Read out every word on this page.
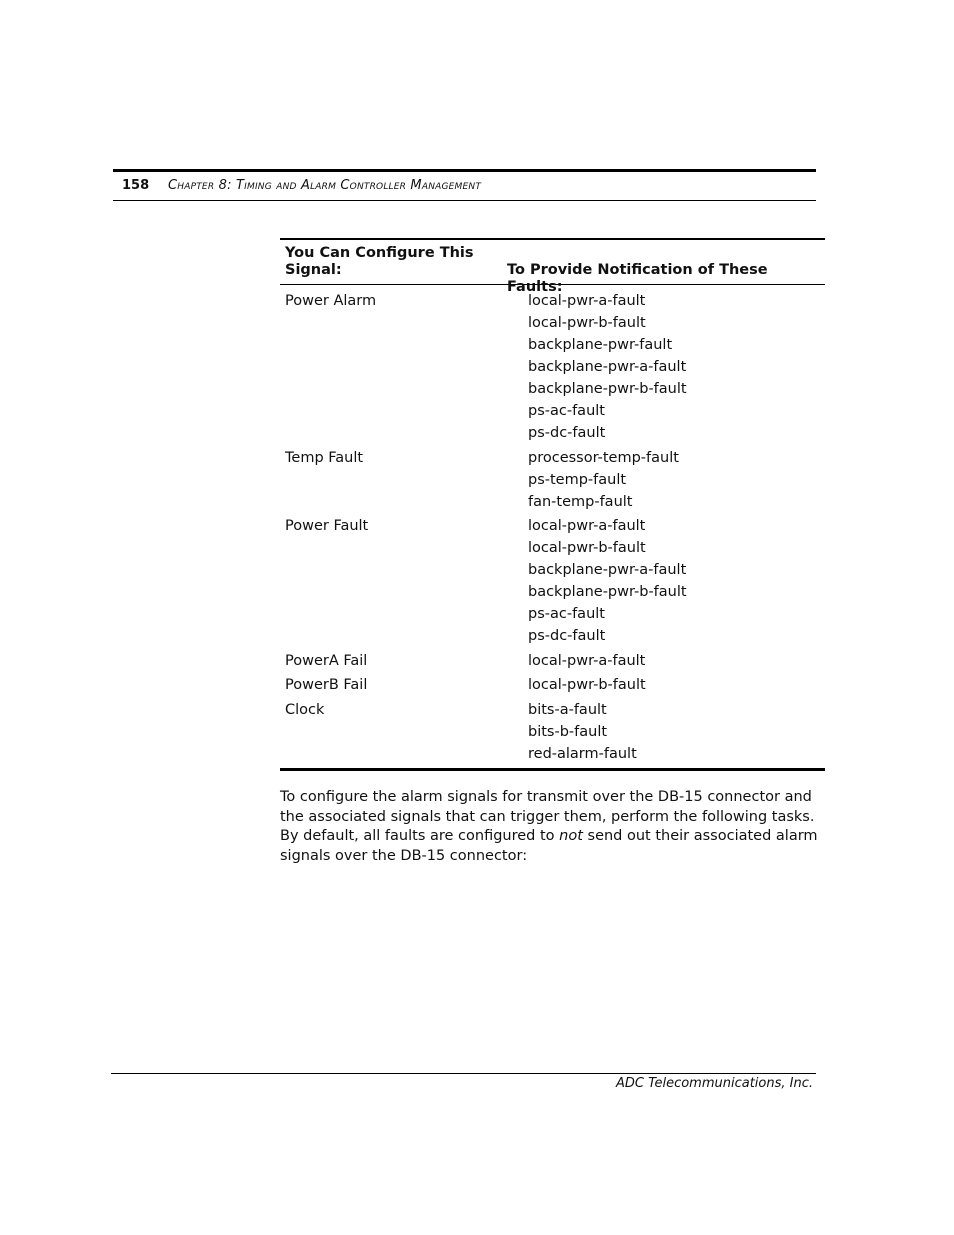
158 Chapter 8: Timing and Alarm Controller Management
You Can Configure This Signal:	To Provide Notification of These Faults:
Power Alarm	local-pwr-a-fault
local-pwr-b-fault
backplane-pwr-fault
backplane-pwr-a-fault
backplane-pwr-b-fault
ps-ac-fault
ps-dc-fault
Temp Fault	processor-temp-fault
ps-temp-fault
fan-temp-fault
Power Fault	local-pwr-a-fault
local-pwr-b-fault
backplane-pwr-a-fault
backplane-pwr-b-fault
ps-ac-fault
ps-dc-fault
PowerA Fail	local-pwr-a-fault
PowerB Fail	local-pwr-b-fault
Clock	bits-a-fault
bits-b-fault
red-alarm-fault
To configure the alarm signals for transmit over the DB-15 connector and the associated signals that can trigger them, perform the following tasks. By default, all faults are configured to not send out their associated alarm signals over the DB-15 connector:
ADC Telecommunications, Inc.
